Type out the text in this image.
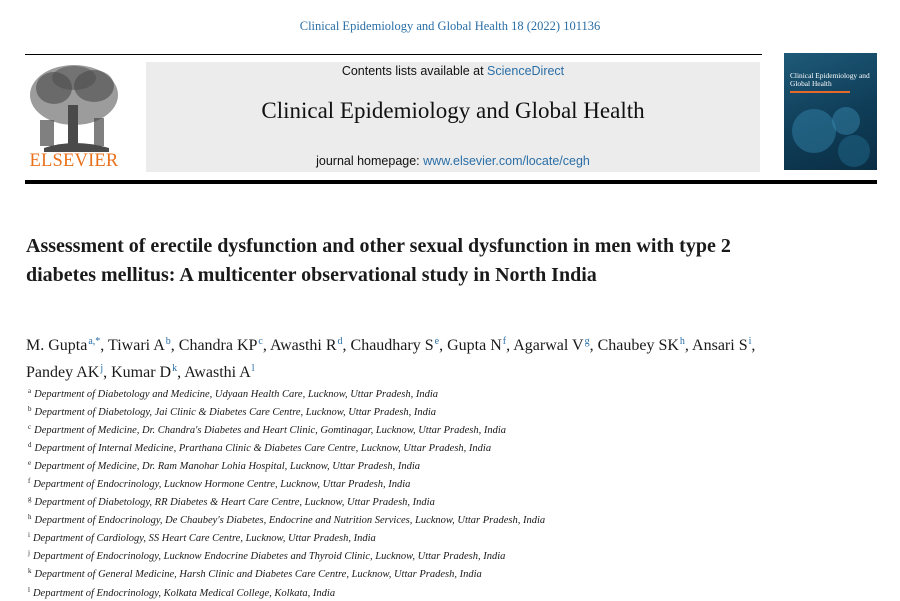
Clinical Epidemiology and Global Health 18 (2022) 101136
ELSEVIER
Contents lists available at ScienceDirect
Clinical Epidemiology and Global Health
journal homepage: www.elsevier.com/locate/cegh
Clinical Epidemiology and Global Health
Assessment of erectile dysfunction and other sexual dysfunction in men with type 2 diabetes mellitus: A multicenter observational study in North India
M. Gupta$^{a,*}$, Tiwari $A^b$, Chandra $KP^c$, Awasthi $R^d$, Chaudhary $S^e$, Gupta $N^f$, Agarwal $V^g$, Chaubey $SK^h$, Ansari $S^i$, Pandey $AK^j$, Kumar $D^k$, Awasthi $A^l$
$^a$ Department of Diabetology and Medicine, Udyaan Health Care, Lucknow, Uttar Pradesh, India
$^b$ Department of Diabetology, Jai Clinic & Diabetes Care Centre, Lucknow, Uttar Pradesh, India
$^c$ Department of Medicine, Dr. Chandra's Diabetes and Heart Clinic, Gomtinagar, Lucknow, Uttar Pradesh, India
$^d$ Department of Internal Medicine, Prarthana Clinic & Diabetes Care Centre, Lucknow, Uttar Pradesh, India
$^e$ Department of Medicine, Dr. Ram Manohar Lohia Hospital, Lucknow, Uttar Pradesh, India
$^f$ Department of Endocrinology, Lucknow Hormone Centre, Lucknow, Uttar Pradesh, India
$^g$ Department of Diabetology, RR Diabetes & Heart Care Centre, Lucknow, Uttar Pradesh, India
$^h$ Department of Endocrinology, De Chaubey's Diabetes, Endocrine and Nutrition Services, Lucknow, Uttar Pradesh, India
$^i$ Department of Cardiology, SS Heart Care Centre, Lucknow, Uttar Pradesh, India
$^j$ Department of Endocrinology, Lucknow Endocrine Diabetes and Thyroid Clinic, Lucknow, Uttar Pradesh, India
$^k$ Department of General Medicine, Harsh Clinic and Diabetes Care Centre, Lucknow, Uttar Pradesh, India
$^l$ Department of Endocrinology, Kolkata Medical College, Kolkata, India
